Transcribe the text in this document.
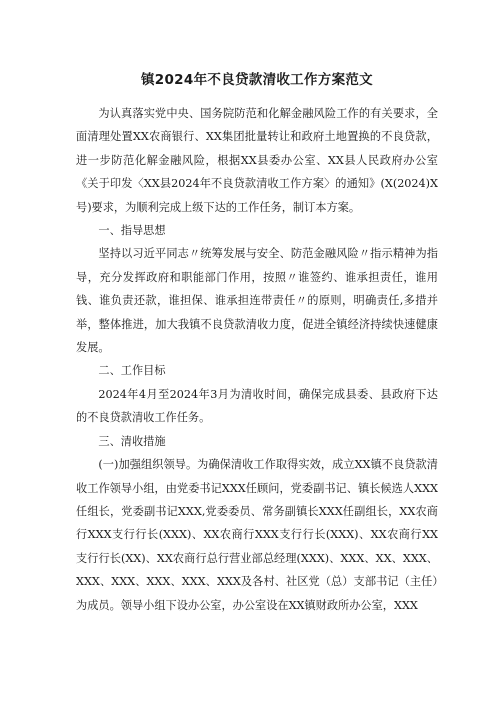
镇2024年不良贷款清收工作方案范文

为认真落实党中央、国务院防范和化解金融风险工作的有关要求，全面清理处置XX农商银行、XX集团批量转让和政府土地置换的不良贷款，进一步防范化解金融风险，根据XX县委办公室、XX县人民政府办公室《关于印发〈XX县2024年不良贷款清收工作方案〉的通知》(X(2024)X号)要求，为顺利完成上级下达的工作任务，制订本方案。

一、指导思想

坚持以习近平同志〃统筹发展与安全、防范金融风险〃指示精神为指导，充分发挥政府和职能部门作用，按照〃谁签约、谁承担责任，谁用钱、谁负责还款，谁担保、谁承担连带责任〃的原则，明确责任,多措并举，整体推进，加大我镇不良贷款清收力度，促进全镇经济持续快速健康发展。

二、工作目标

2024年4月至2024年3月为清收时间，确保完成县委、县政府下达的不良贷款清收工作任务。

三、清收措施

(一)加强组织领导。为确保清收工作取得实效，成立XX镇不良贷款清收工作领导小组，由党委书记XXX任顾问，党委副书记、镇长候选人XXX任组长，党委副书记XXX,党委委员、常务副镇长XXX任副组长，XX农商行XXX支行行长(XXX)、XX农商行XXX支行行长(XXX)、XX农商行XX支行行长(XX)、XX农商行总行营业部总经理(XXX)、XXX、XX、XXX、XXX、XXX、XXX、XXX、XXX及各村、社区党（总）支部书记（主任）为成员。领导小组下设办公室，办公室设在XX镇财政所办公室，XXX
